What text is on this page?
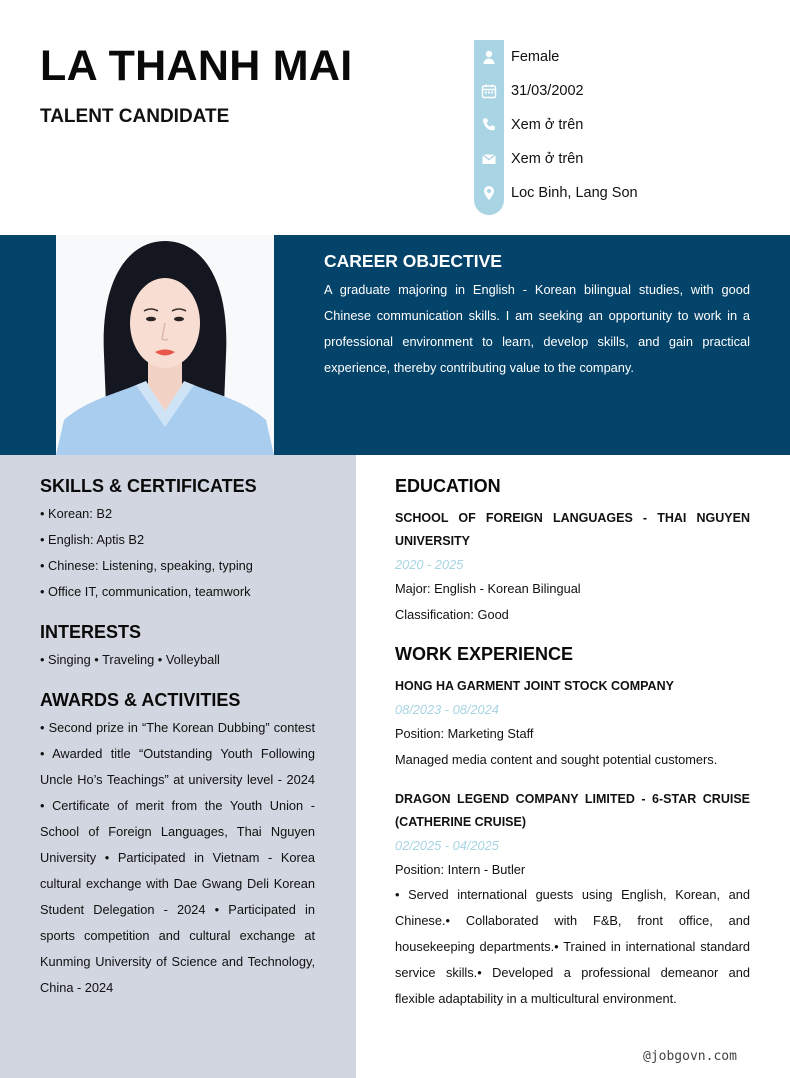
LA THANH MAI
TALENT CANDIDATE
Female
31/03/2002
Xem ở trên
Xem ở trên
Loc Binh, Lang Son
CAREER OBJECTIVE
A graduate majoring in English - Korean bilingual studies, with good Chinese communication skills. I am seeking an opportunity to work in a professional environment to learn, develop skills, and gain practical experience, thereby contributing value to the company.
SKILLS & CERTIFICATES
• Korean: B2
• English: Aptis B2
• Chinese: Listening, speaking, typing
• Office IT, communication, teamwork
INTERESTS
• Singing • Traveling • Volleyball
AWARDS & ACTIVITIES
• Second prize in “The Korean Dubbing” contest • Awarded title “Outstanding Youth Following Uncle Ho’s Teachings” at university level - 2024 • Certificate of merit from the Youth Union - School of Foreign Languages, Thai Nguyen University • Participated in Vietnam - Korea cultural exchange with Dae Gwang Deli Korean Student Delegation - 2024 • Participated in sports competition and cultural exchange at Kunming University of Science and Technology, China - 2024
EDUCATION
SCHOOL OF FOREIGN LANGUAGES - THAI NGUYEN UNIVERSITY
2020 - 2025
Major: English - Korean Bilingual
Classification: Good
WORK EXPERIENCE
HONG HA GARMENT JOINT STOCK COMPANY
08/2023 - 08/2024
Position: Marketing Staff
Managed media content and sought potential customers.
DRAGON LEGEND COMPANY LIMITED - 6-STAR CRUISE (CATHERINE CRUISE)
02/2025 - 04/2025
Position: Intern - Butler
• Served international guests using English, Korean, and Chinese.• Collaborated with F&B, front office, and housekeeping departments.• Trained in international standard service skills.• Developed a professional demeanor and flexible adaptability in a multicultural environment.
@jobgovn.com
